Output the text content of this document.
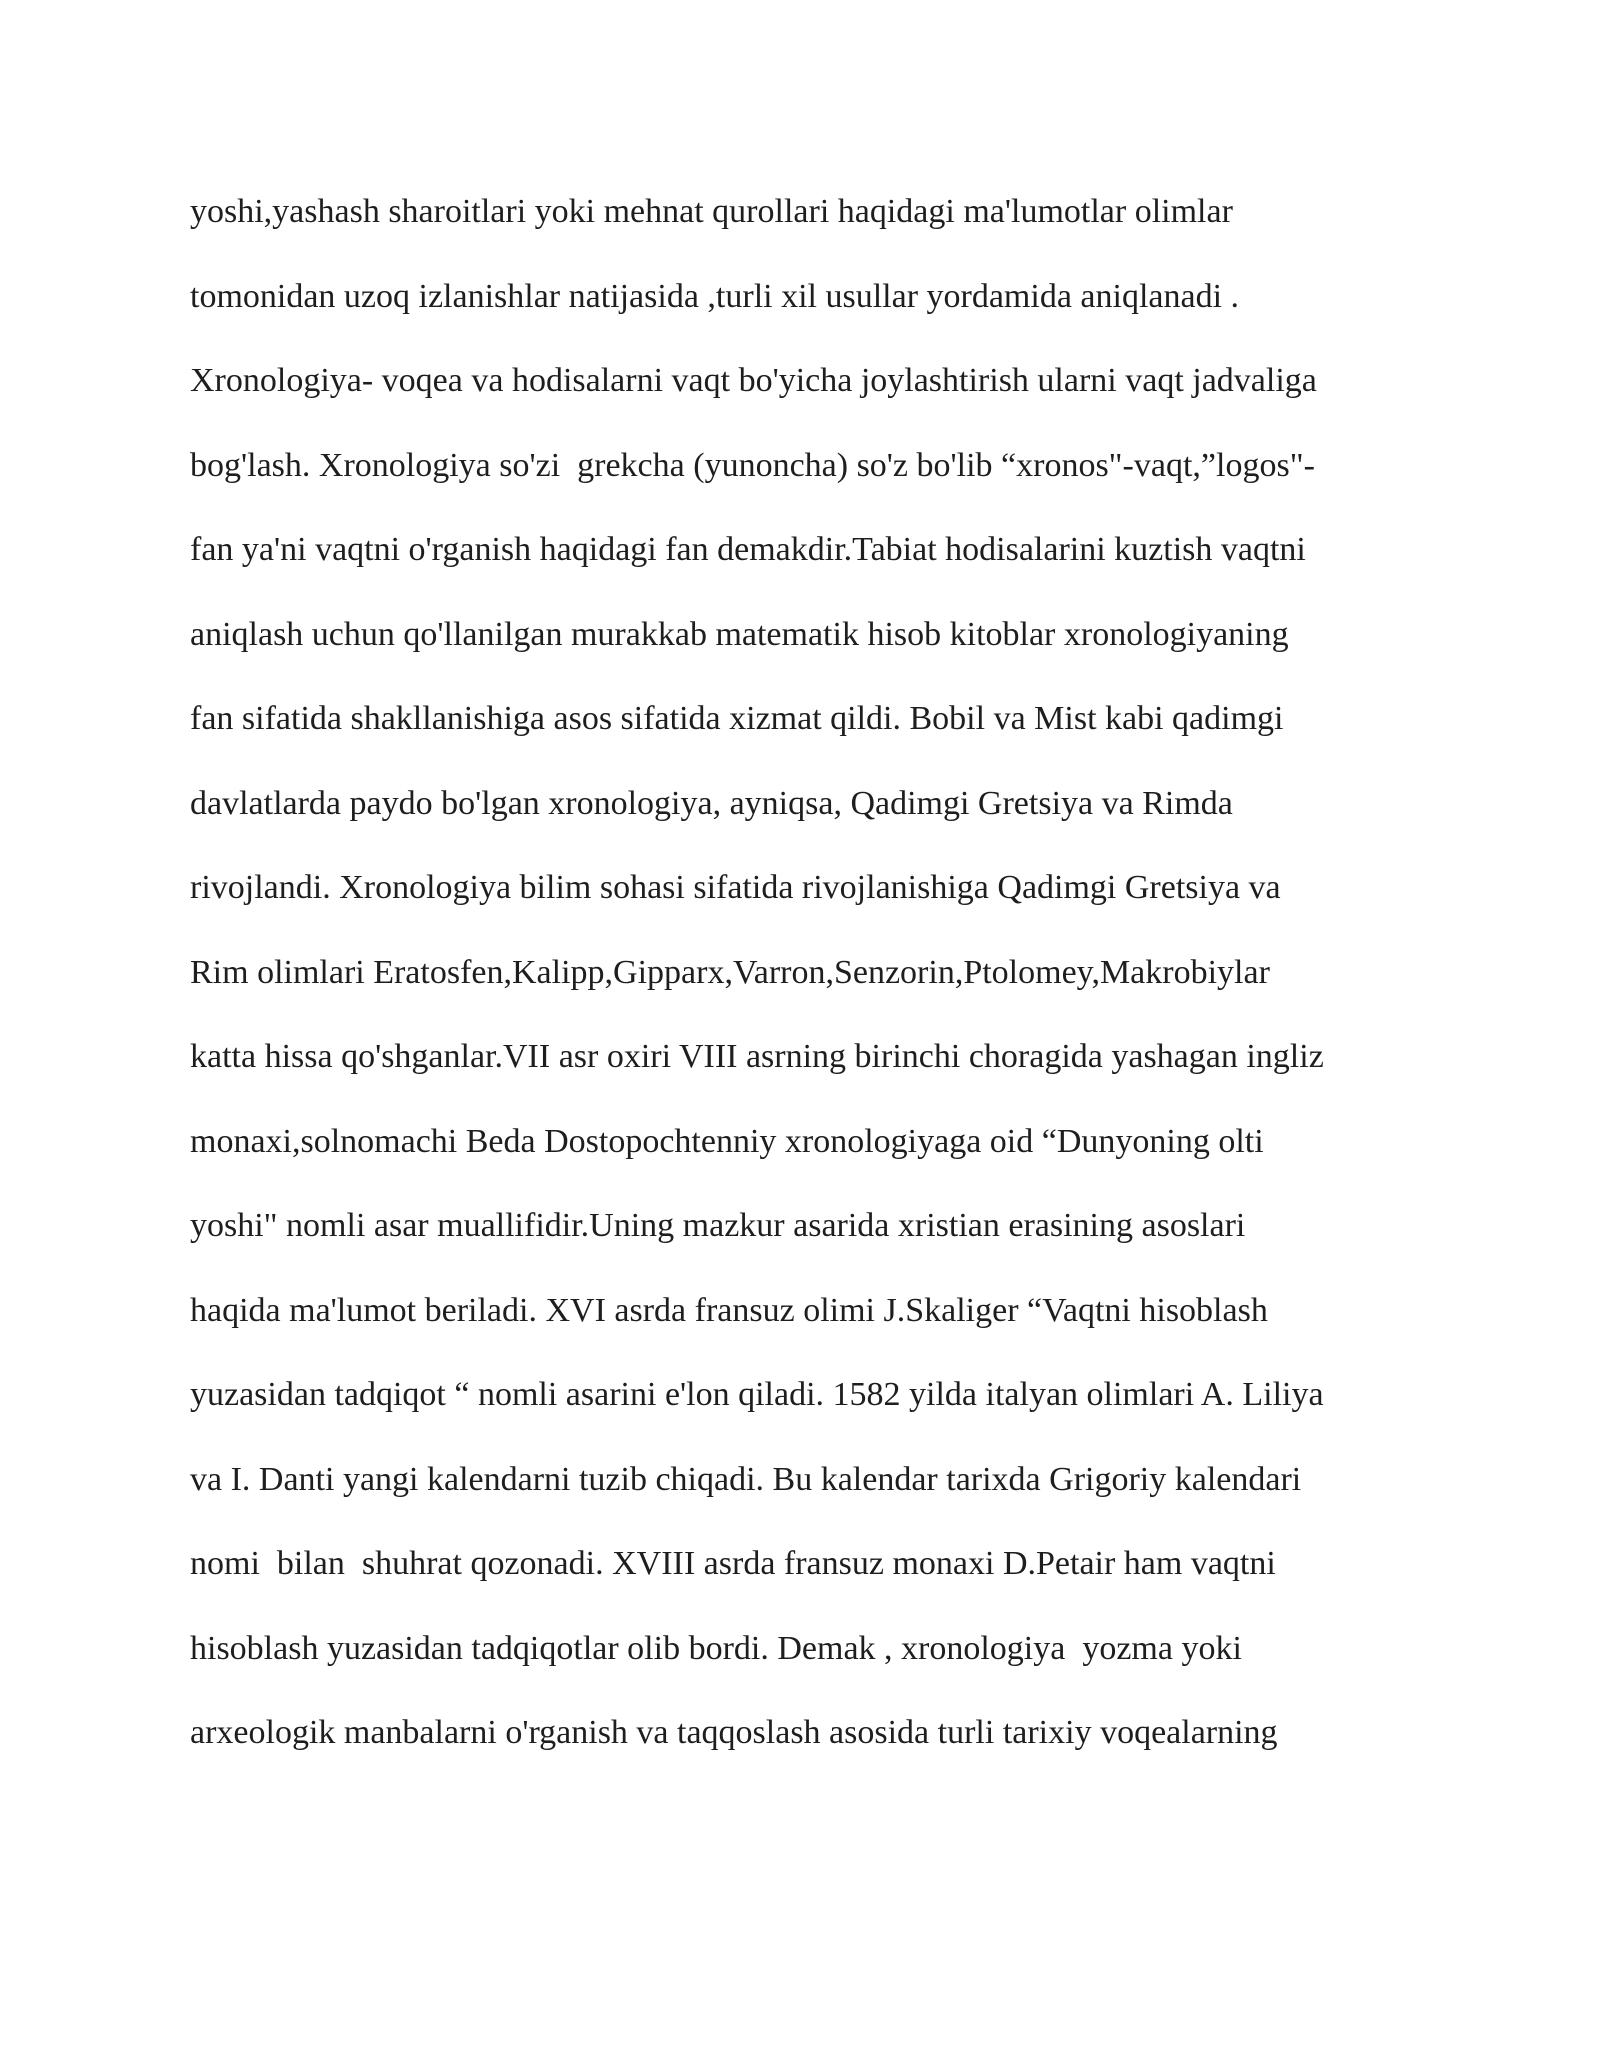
yoshi,yashash sharoitlari yoki mehnat qurollari haqidagi ma'lumotlar olimlar
tomonidan uzoq izlanishlar natijasida ,turli xil usullar yordamida aniqlanadi .
Xronologiya- voqea va hodisalarni vaqt bo'yicha joylashtirish ularni vaqt jadvaliga
bog'lash. Xronologiya so'zi  grekcha (yunoncha) so'z bo'lib “xronos"-vaqt,”logos"-
fan ya'ni vaqtni o'rganish haqidagi fan demakdir.Tabiat hodisalarini kuztish vaqtni
aniqlash uchun qo'llanilgan murakkab matematik hisob kitoblar xronologiyaning
fan sifatida shakllanishiga asos sifatida xizmat qildi. Bobil va Mist kabi qadimgi
davlatlarda paydo bo'lgan xronologiya, ayniqsa, Qadimgi Gretsiya va Rimda
rivojlandi. Xronologiya bilim sohasi sifatida rivojlanishiga Qadimgi Gretsiya va
Rim olimlari Eratosfen,Kalipp,Gipparx,Varron,Senzorin,Ptolomey,Makrobiylar
katta hissa qo'shganlar.VII asr oxiri VIII asrning birinchi choragida yashagan ingliz
monaxi,solnomachi Beda Dostopochtenniy xronologiyaga oid “Dunyoning olti
yoshi" nomli asar muallifidir.Uning mazkur asarida xristian erasining asoslari
haqida ma'lumot beriladi. XVI asrda fransuz olimi J.Skaliger “Vaqtni hisoblash
yuzasidan tadqiqot “ nomli asarini e'lon qiladi. 1582 yilda italyan olimlari A. Liliya
va I. Danti yangi kalendarni tuzib chiqadi. Bu kalendar tarixda Grigoriy kalendari
nomi  bilan  shuhrat qozonadi. XVIII asrda fransuz monaxi D.Petair ham vaqtni
hisoblash yuzasidan tadqiqotlar olib bordi. Demak , xronologiya  yozma yoki
arxeologik manbalarni o'rganish va taqqoslash asosida turli tarixiy voqealarning
